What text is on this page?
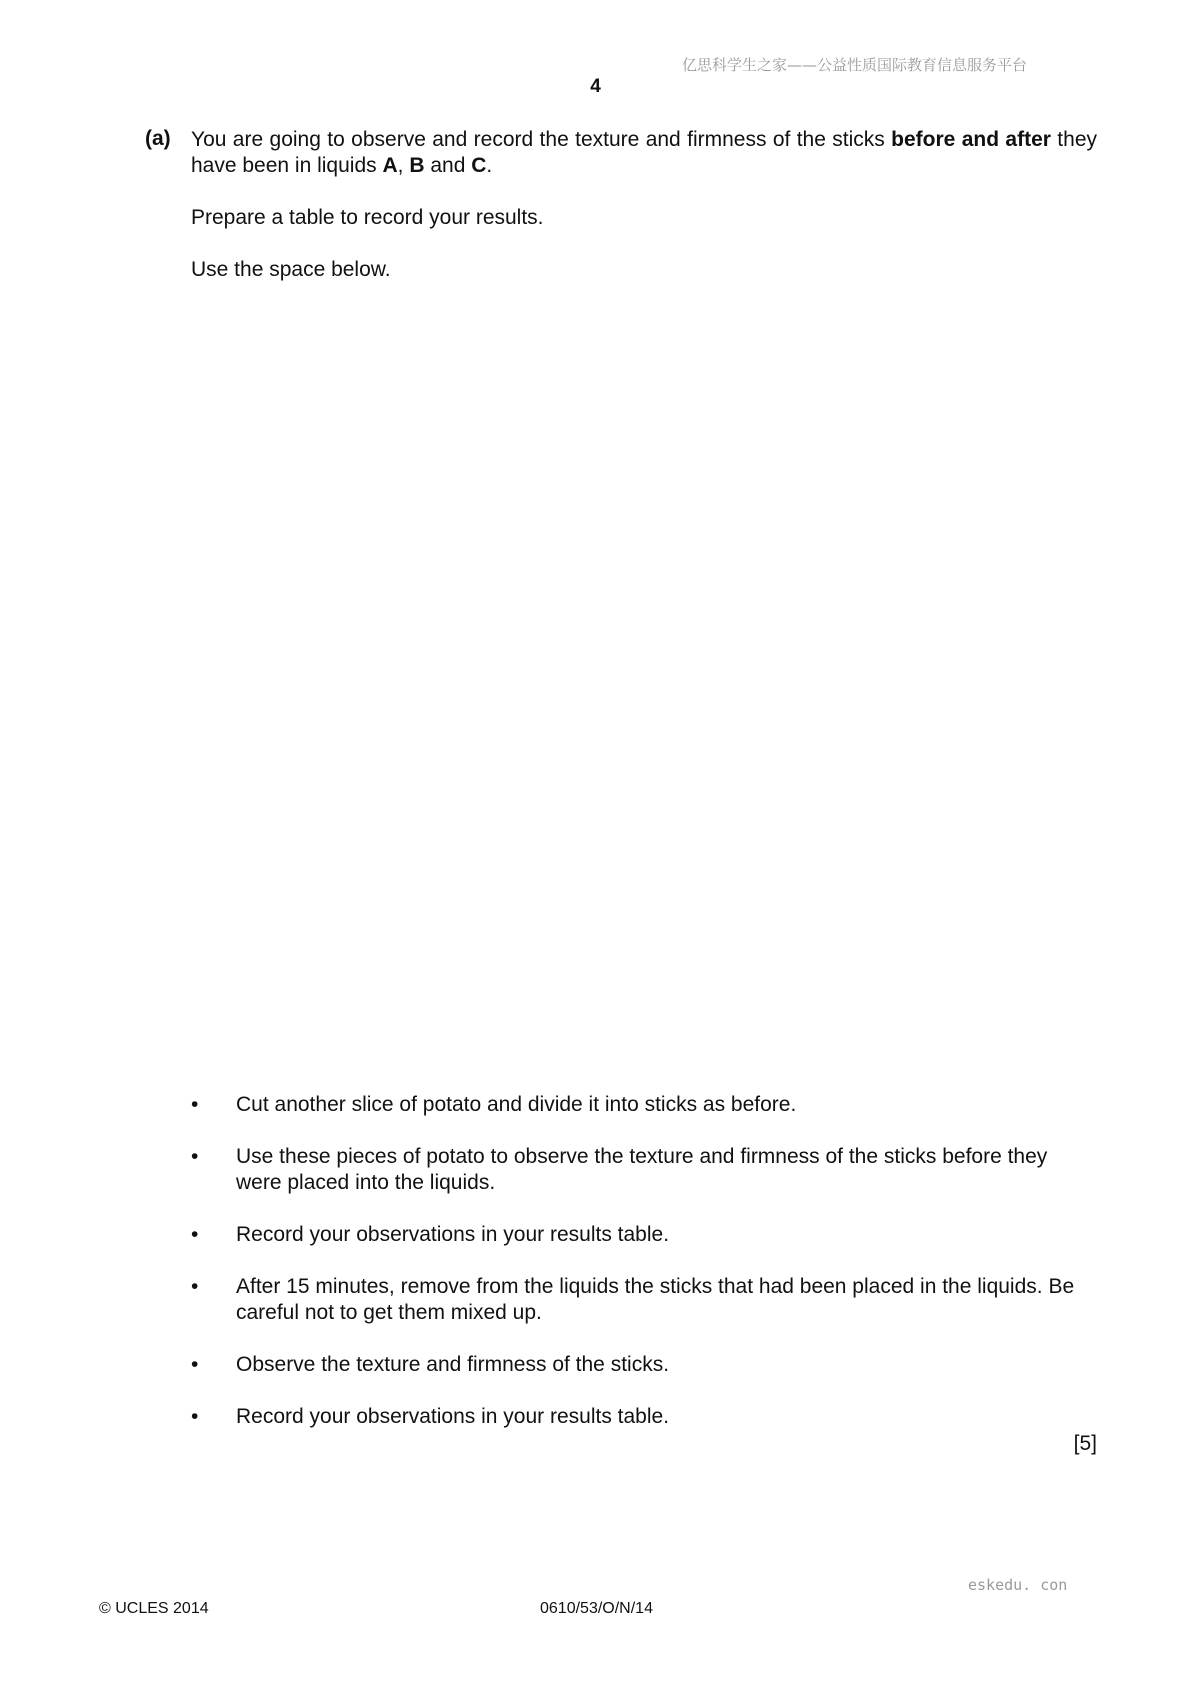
亿思科学生之家——公益性质国际教育信息服务平台
4
(a) You are going to observe and record the texture and firmness of the sticks before and after they have been in liquids A, B and C.
Prepare a table to record your results.
Use the space below.
•	Cut another slice of potato and divide it into sticks as before.
•	Use these pieces of potato to observe the texture and firmness of the sticks before they were placed into the liquids.
•	Record your observations in your results table.
•	After 15 minutes, remove from the liquids the sticks that had been placed in the liquids. Be careful not to get them mixed up.
•	Observe the texture and firmness of the sticks.
•	Record your observations in your results table.
[5]
eskedu. con
© UCLES 2014	0610/53/O/N/14
